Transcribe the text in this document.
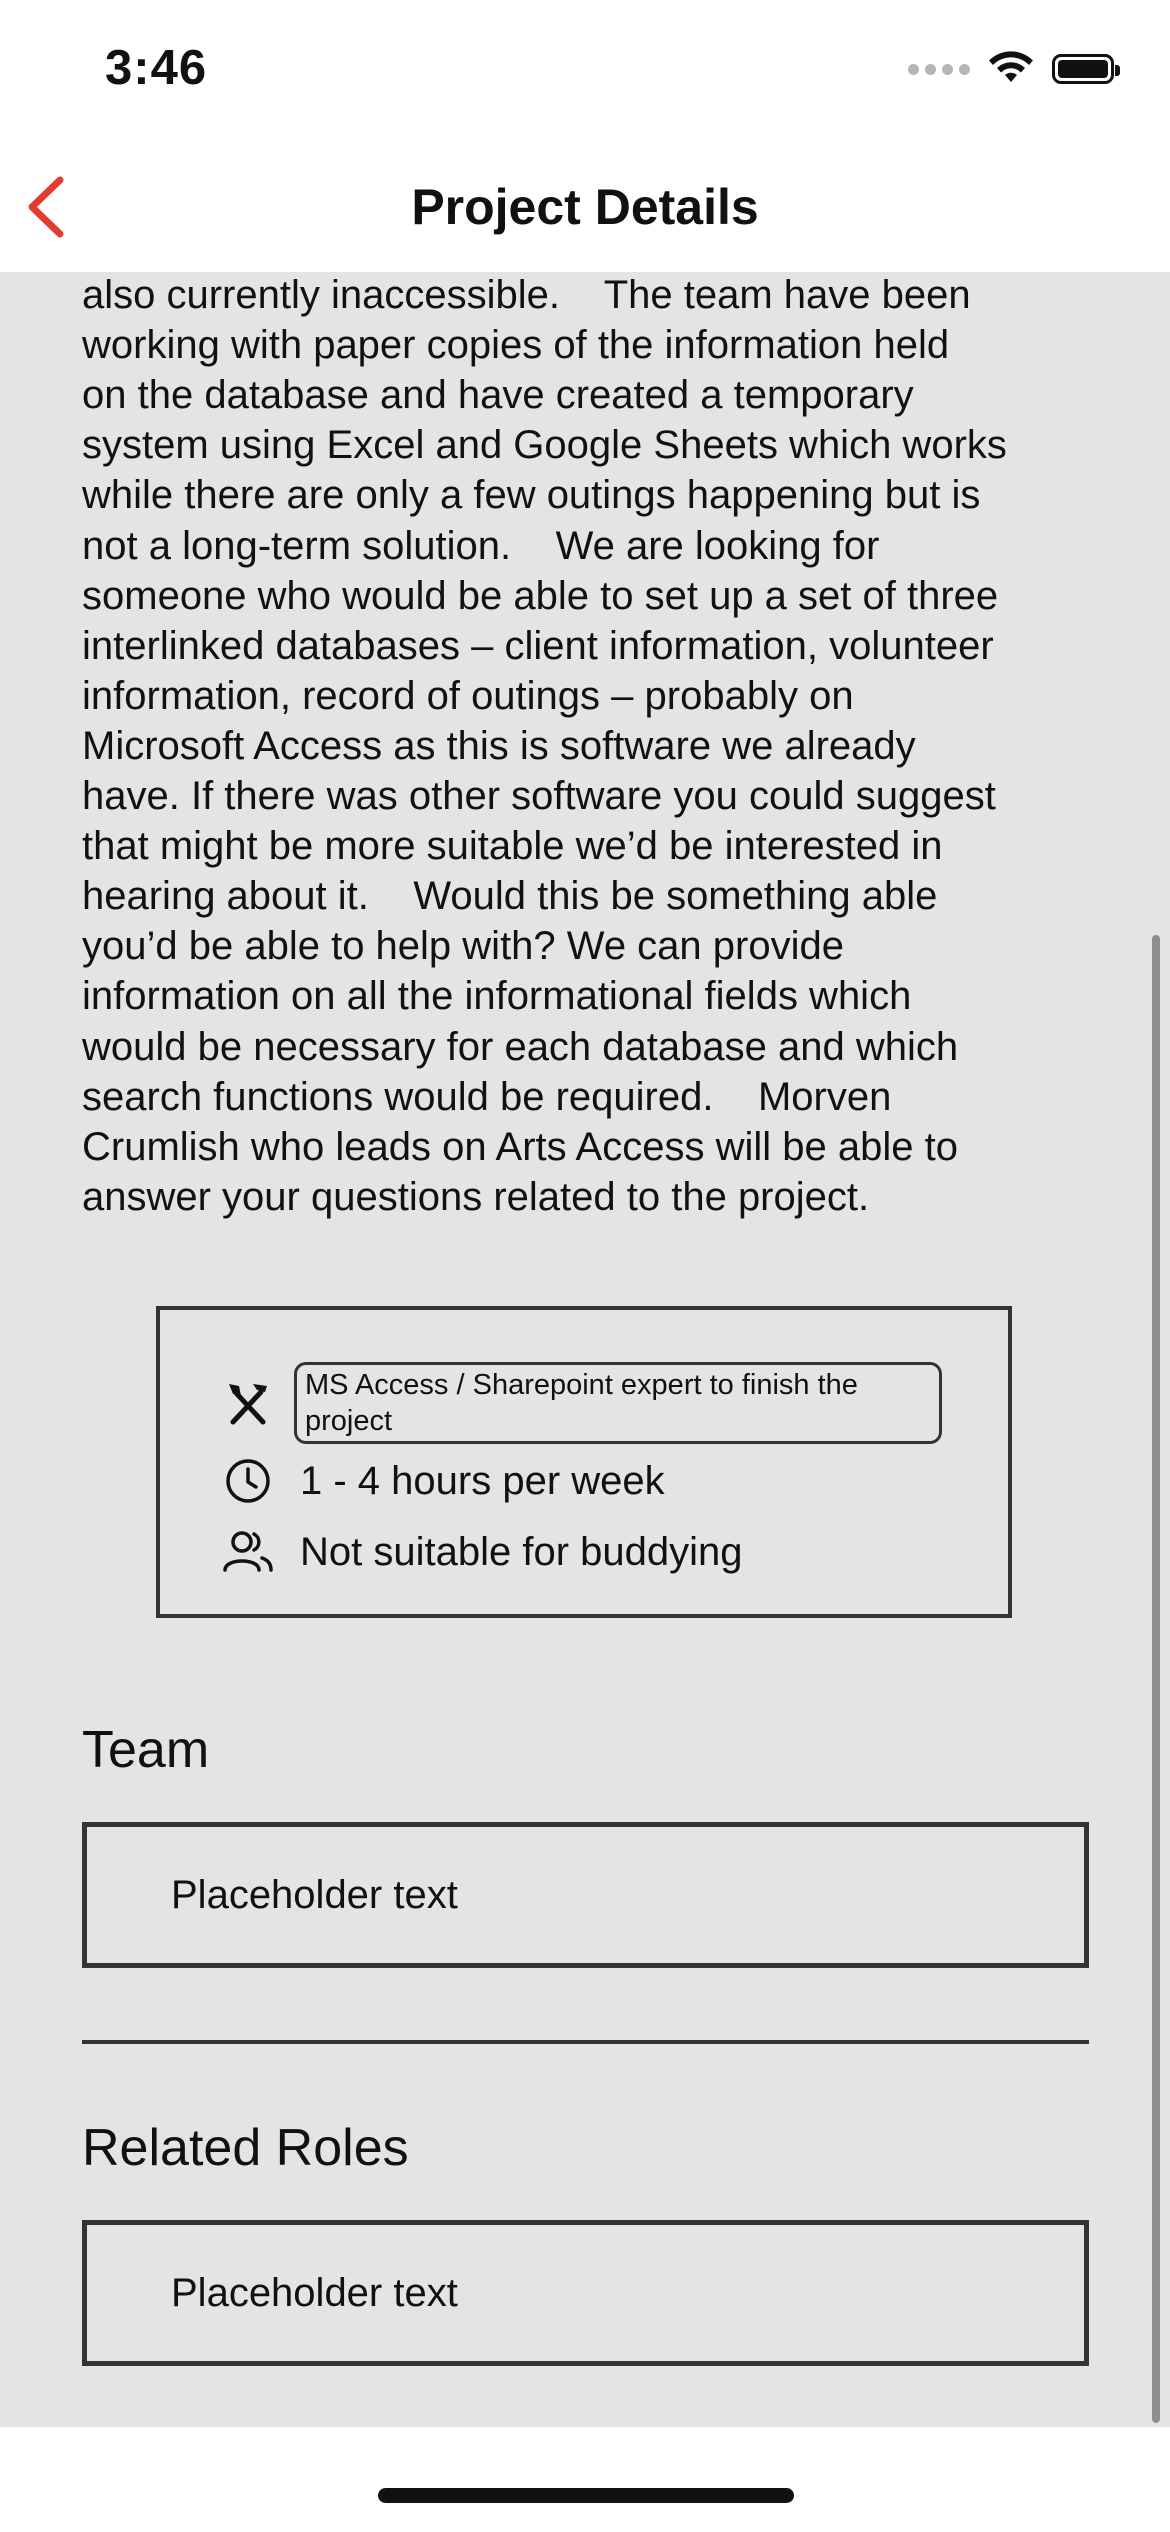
3:46
Project Details

also currently inaccessible.    The team have been
working with paper copies of the information held
on the database and have created a temporary
system using Excel and Google Sheets which works
while there are only a few outings happening but is
not a long-term solution.    We are looking for
someone who would be able to set up a set of three
interlinked databases – client information, volunteer
information, record of outings – probably on
Microsoft Access as this is software we already
have. If there was other software you could suggest
that might be more suitable we’d be interested in
hearing about it.    Would this be something able
you’d be able to help with? We can provide
information on all the informational fields which
would be necessary for each database and which
search functions would be required.    Morven
Crumlish who leads on Arts Access will be able to
answer your questions related to the project.

MS Access / Sharepoint expert to finish the project
1 - 4 hours per week
Not suitable for buddying
Team
Placeholder text
Related Roles
Placeholder text
